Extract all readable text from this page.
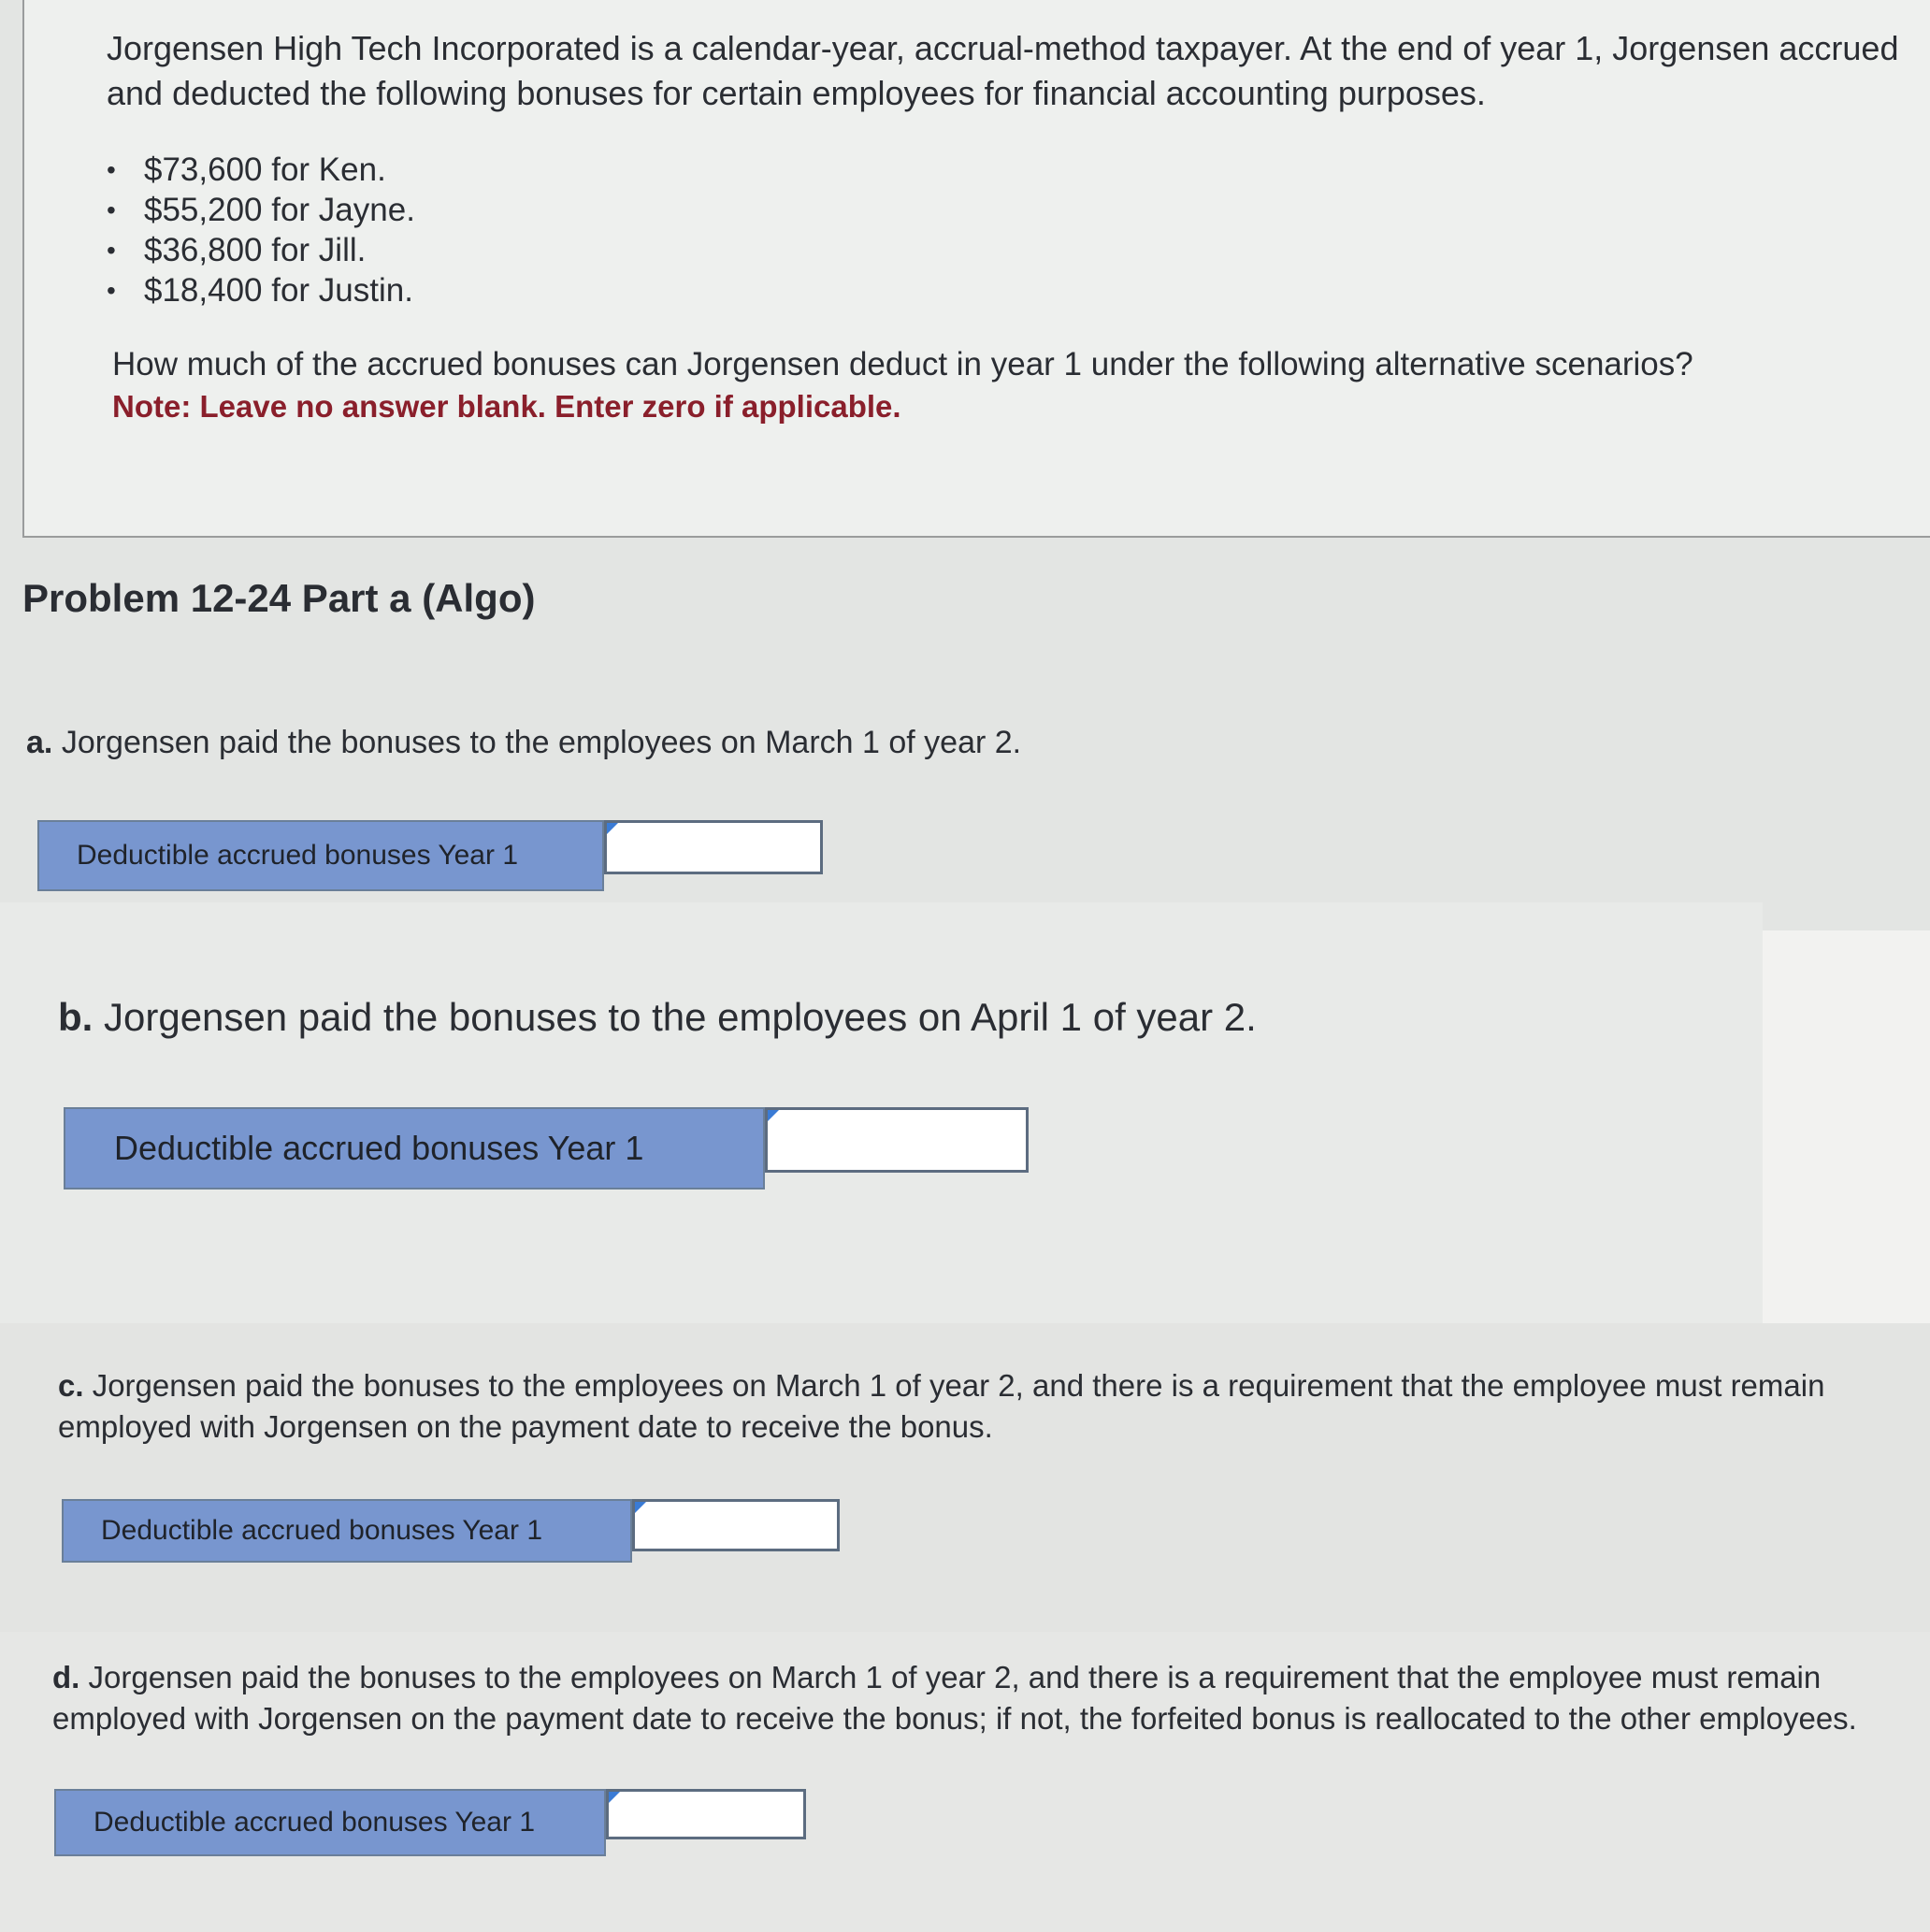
Jorgensen High Tech Incorporated is a calendar-year, accrual-method taxpayer. At the end of year 1, Jorgensen accrued and deducted the following bonuses for certain employees for financial accounting purposes.
• $73,600 for Ken.
• $55,200 for Jayne.
• $36,800 for Jill.
• $18,400 for Justin.
How much of the accrued bonuses can Jorgensen deduct in year 1 under the following alternative scenarios?
Note: Leave no answer blank. Enter zero if applicable.
Problem 12-24 Part a (Algo)
a. Jorgensen paid the bonuses to the employees on March 1 of year 2.
Deductible accrued bonuses Year 1
b. Jorgensen paid the bonuses to the employees on April 1 of year 2.
Deductible accrued bonuses Year 1
c. Jorgensen paid the bonuses to the employees on March 1 of year 2, and there is a requirement that the employee must remain employed with Jorgensen on the payment date to receive the bonus.
Deductible accrued bonuses Year 1
d. Jorgensen paid the bonuses to the employees on March 1 of year 2, and there is a requirement that the employee must remain employed with Jorgensen on the payment date to receive the bonus; if not, the forfeited bonus is reallocated to the other employees.
Deductible accrued bonuses Year 1
